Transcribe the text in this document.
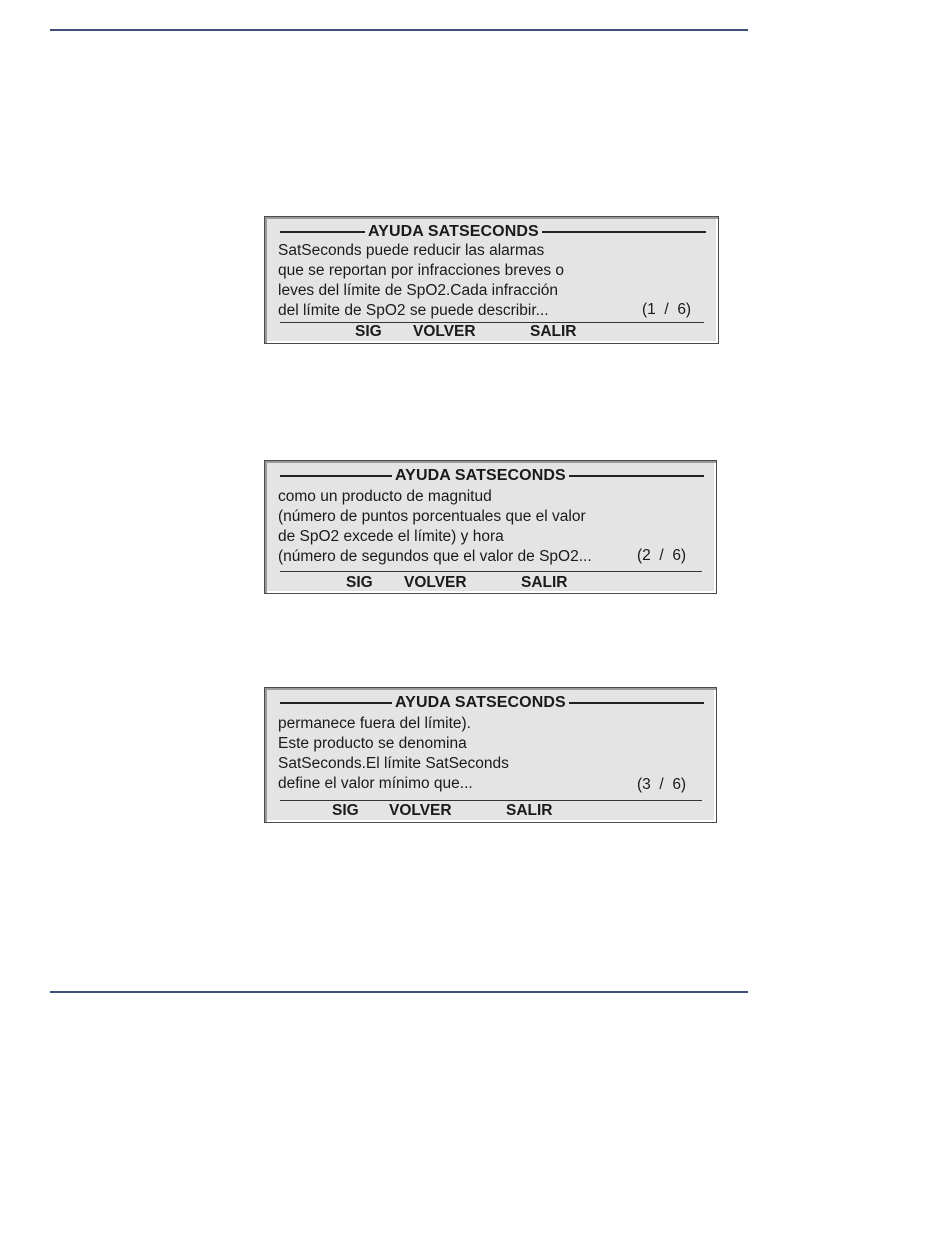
AYUDA SATSECONDS
SatSeconds puede reducir las alarmas
que se reportan por infracciones breves o
leves del límite de SpO2.Cada infracción
del límite de SpO2 se puede describir...	(1  /  6)
SIG VOLVER	SALIR
AYUDA SATSECONDS
como un producto de magnitud
(número de puntos porcentuales que el valor
de SpO2 excede el límite) y hora
(número de segundos que el valor de SpO2...	(2  /  6)
SIG VOLVER	SALIR
AYUDA SATSECONDS
permanece fuera del límite).
Este producto se denomina
SatSeconds.El límite SatSeconds
define el valor mínimo que...	(3  /  6)
SIG VOLVER	SALIR
